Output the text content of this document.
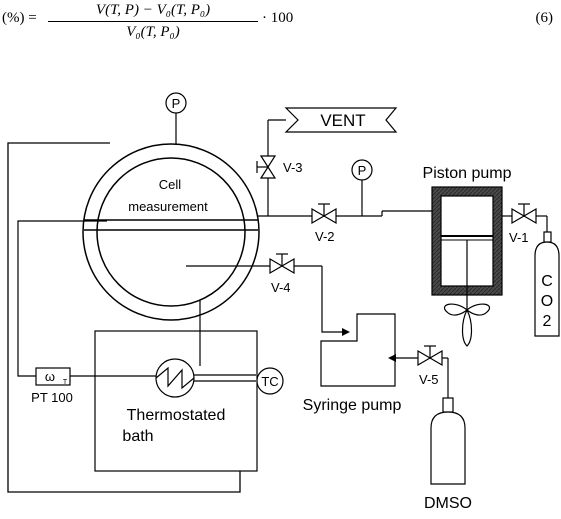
(%) =	V(T, P) − V₀(T, P₀)
V₀(T, P₀)
· 100	(6)
Cell
measurement
P
V-2
P
V-3
VENT
Piston pump
V-1
C
O
2
V-4
Syringe pump
V-5
DMSO
Thermostated
bath
TC
ω T
PT 100
